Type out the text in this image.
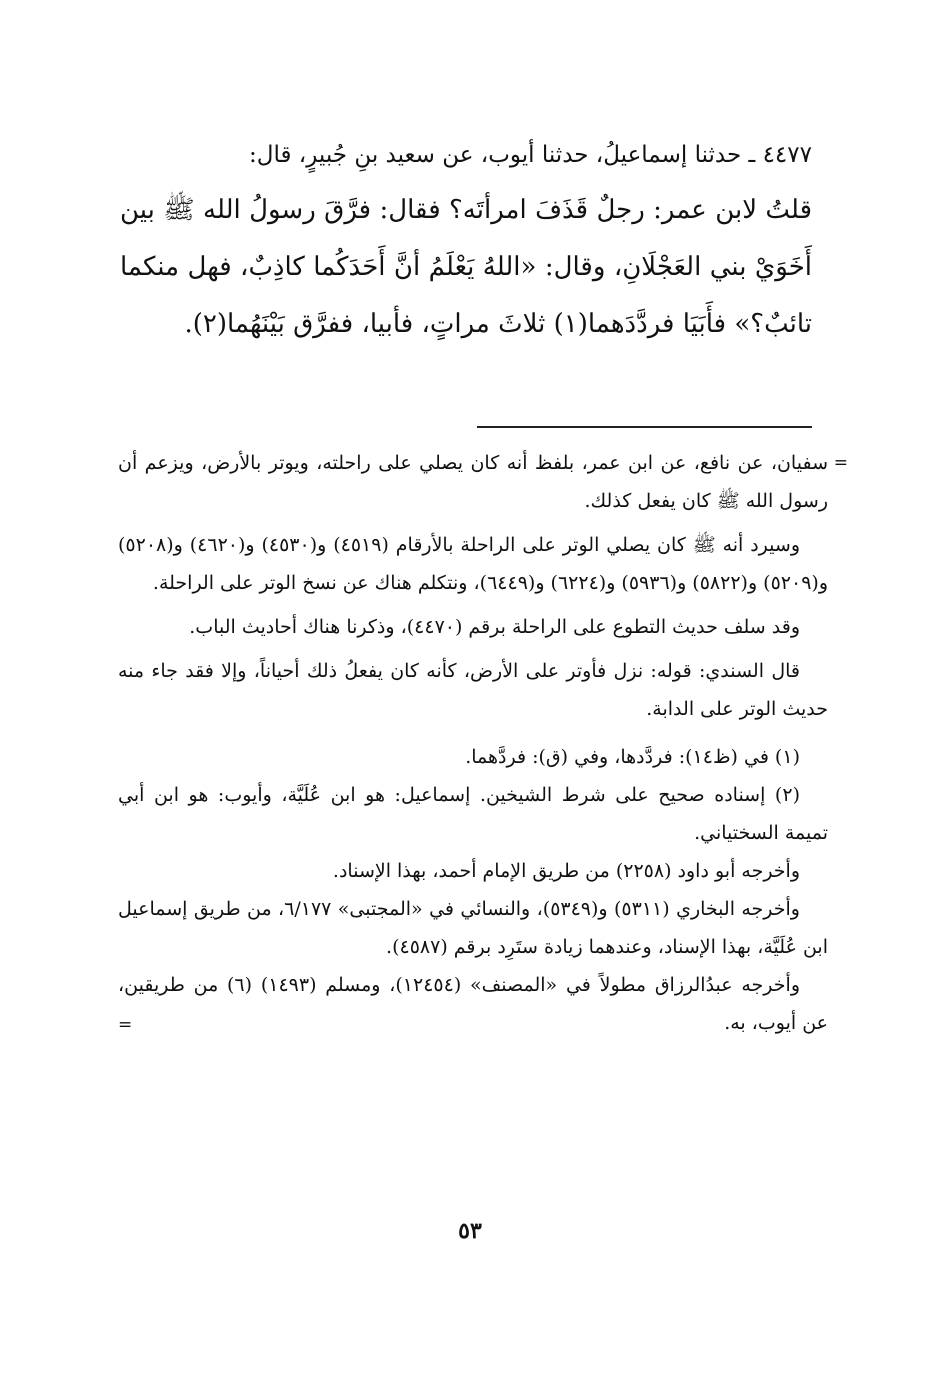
٤٤٧٧ ـ حدثنا إسماعيلُ، حدثنا أيوب، عن سعيد بنِ جُبيرٍ، قال:

قلتُ لابن عمر: رجلٌ قَذَفَ امرأتَه؟ فقال: فرَّقَ رسولُ الله ﷺ بين أَخَوَيْ بني العَجْلَانِ، وقال: «اللهُ يَعْلَمُ أنَّ أَحَدَكُما كاذِبٌ، فهل منكما تائبٌ؟» فأَبَيَا فردَّدَهما(١) ثلاثَ مراتٍ، فأبيا، ففرَّق بَيْنَهُما(٢).

=
سفيان، عن نافع، عن ابن عمر، بلفظ أنه كان يصلي على راحلته، ويوتر بالأرض، ويزعم أن رسول الله ﷺ كان يفعل كذلك.

وسيرد أنه ﷺ كان يصلي الوتر على الراحلة بالأرقام (٤٥١٩) و(٤٥٣٠) و(٤٦٢٠) و(٥٢٠٨) و(٥٢٠٩) و(٥٨٢٢) و(٥٩٣٦) و(٦٢٢٤) و(٦٤٤٩)، ونتكلم هناك عن نسخ الوتر على الراحلة.

وقد سلف حديث التطوع على الراحلة برقم (٤٤٧٠)، وذكرنا هناك أحاديث الباب.

قال السندي: قوله: نزل فأوتر على الأرض، كأنه كان يفعلُ ذلك أحياناً، وإلا فقد جاء منه حديث الوتر على الدابة.

(١) في (ظ١٤): فردَّدها، وفي (ق): فردَّهما.

(٢) إسناده صحيح على شرط الشيخين. إسماعيل: هو ابن عُلَيَّة، وأيوب: هو ابن أبي تميمة السختياني.

وأخرجه أبو داود (٢٢٥٨) من طريق الإمام أحمد، بهذا الإسناد.

وأخرجه البخاري (٥٣١١) و(٥٣٤٩)، والنسائي في «المجتبى» ٦/١٧٧، من طريق إسماعيل ابن عُلَيَّة، بهذا الإسناد، وعندهما زيادة ستَرِد برقم (٤٥٨٧).

وأخرجه عبدُالرزاق مطولاً في «المصنف» (١٢٤٥٤)، ومسلم (١٤٩٣) (٦) من طريقين، عن أيوب، به.

=
٥٣
